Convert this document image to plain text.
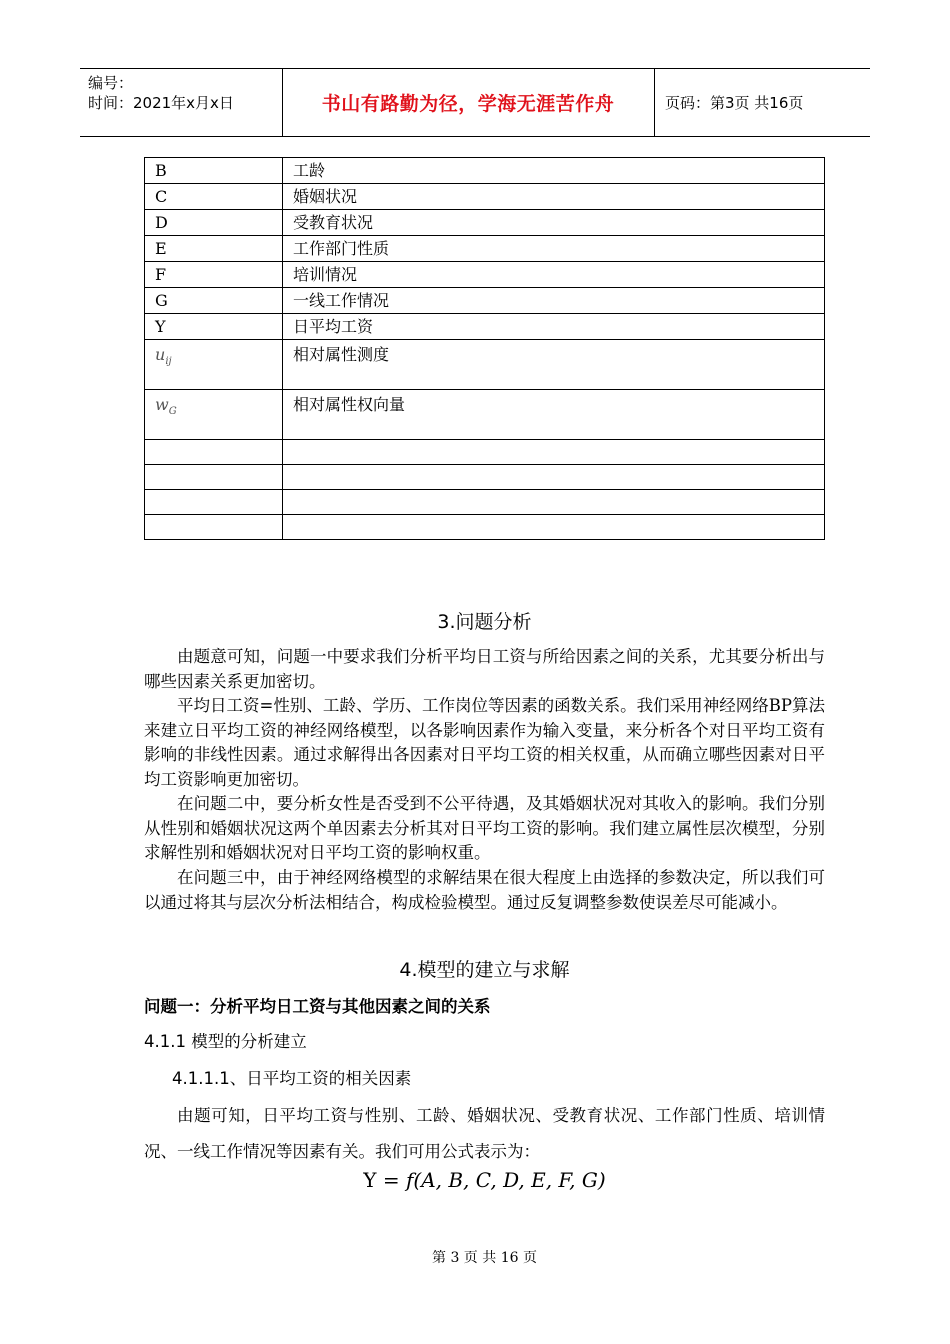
编号：
时间：2021年x月x日	书山有路勤为径，学海无涯苦作舟	页码：第3页 共16页
B	工龄
C	婚姻状况
D	受教育状况
E	工作部门性质
F	培训情况
G	一线工作情况
Y	日平均工资
$u_{ij}$	相对属性测度
$w_G$	相对属性权向量

3.问题分析

由题意可知，问题一中要求我们分析平均日工资与所给因素之间的关系，尤其要分析出与哪些因素关系更加密切。

平均日工资=性别、工龄、学历、工作岗位等因素的函数关系。我们采用神经网络BP算法来建立日平均工资的神经网络模型，以各影响因素作为输入变量，来分析各个对日平均工资有影响的非线性因素。通过求解得出各因素对日平均工资的相关权重，从而确立哪些因素对日平均工资影响更加密切。

在问题二中，要分析女性是否受到不公平待遇，及其婚姻状况对其收入的影响。我们分别从性别和婚姻状况这两个单因素去分析其对日平均工资的影响。我们建立属性层次模型，分别求解性别和婚姻状况对日平均工资的影响权重。

在问题三中，由于神经网络模型的求解结果在很大程度上由选择的参数决定，所以我们可以通过将其与层次分析法相结合，构成检验模型。通过反复调整参数使误差尽可能减小。

4.模型的建立与求解
问题一：分析平均日工资与其他因素之间的关系
4.1.1 模型的分析建立
4.1.1.1、日平均工资的相关因素

由题可知，日平均工资与性别、工龄、婚姻状况、受教育状况、工作部门性质、培训情况、一线工作情况等因素有关。我们可用公式表示为：

Y = f(A, B, C, D, E, F, G)
第 3 页 共 16 页
